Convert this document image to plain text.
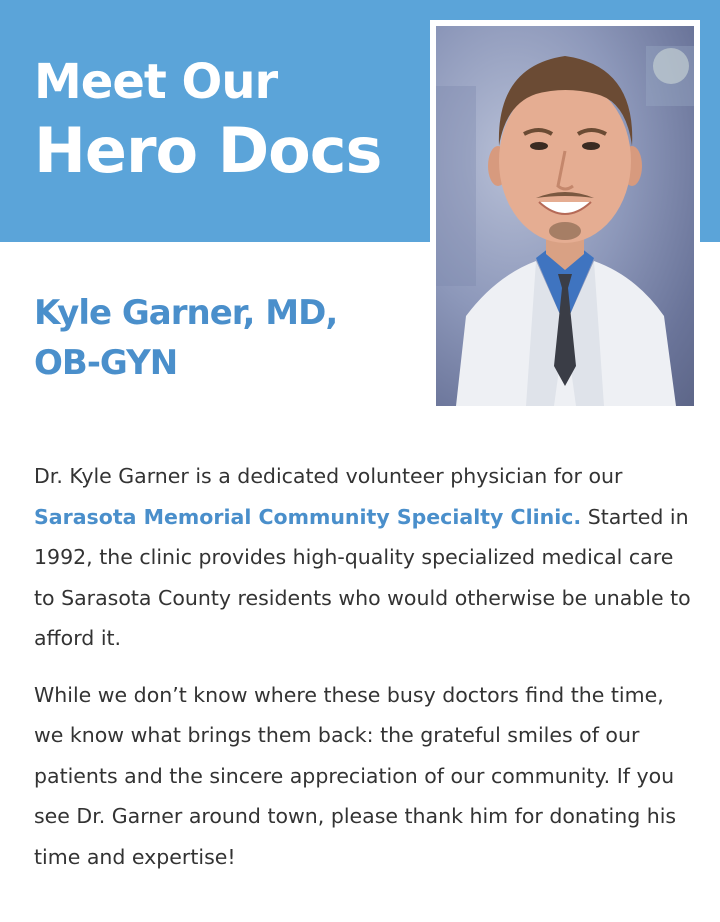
Meet Our
Hero Docs
Kyle Garner, MD,
OB-GYN

Dr. Kyle Garner is a dedicated volunteer physician for our Sarasota Memorial Community Specialty Clinic. Started in 1992, the clinic provides high-quality specialized medical care to Sarasota County residents who would otherwise be unable to afford it.

While we don’t know where these busy doctors find the time, we know what brings them back: the grateful smiles of our patients and the sincere appreciation of our community. If you see Dr. Garner around town, please thank him for donating his time and expertise!
